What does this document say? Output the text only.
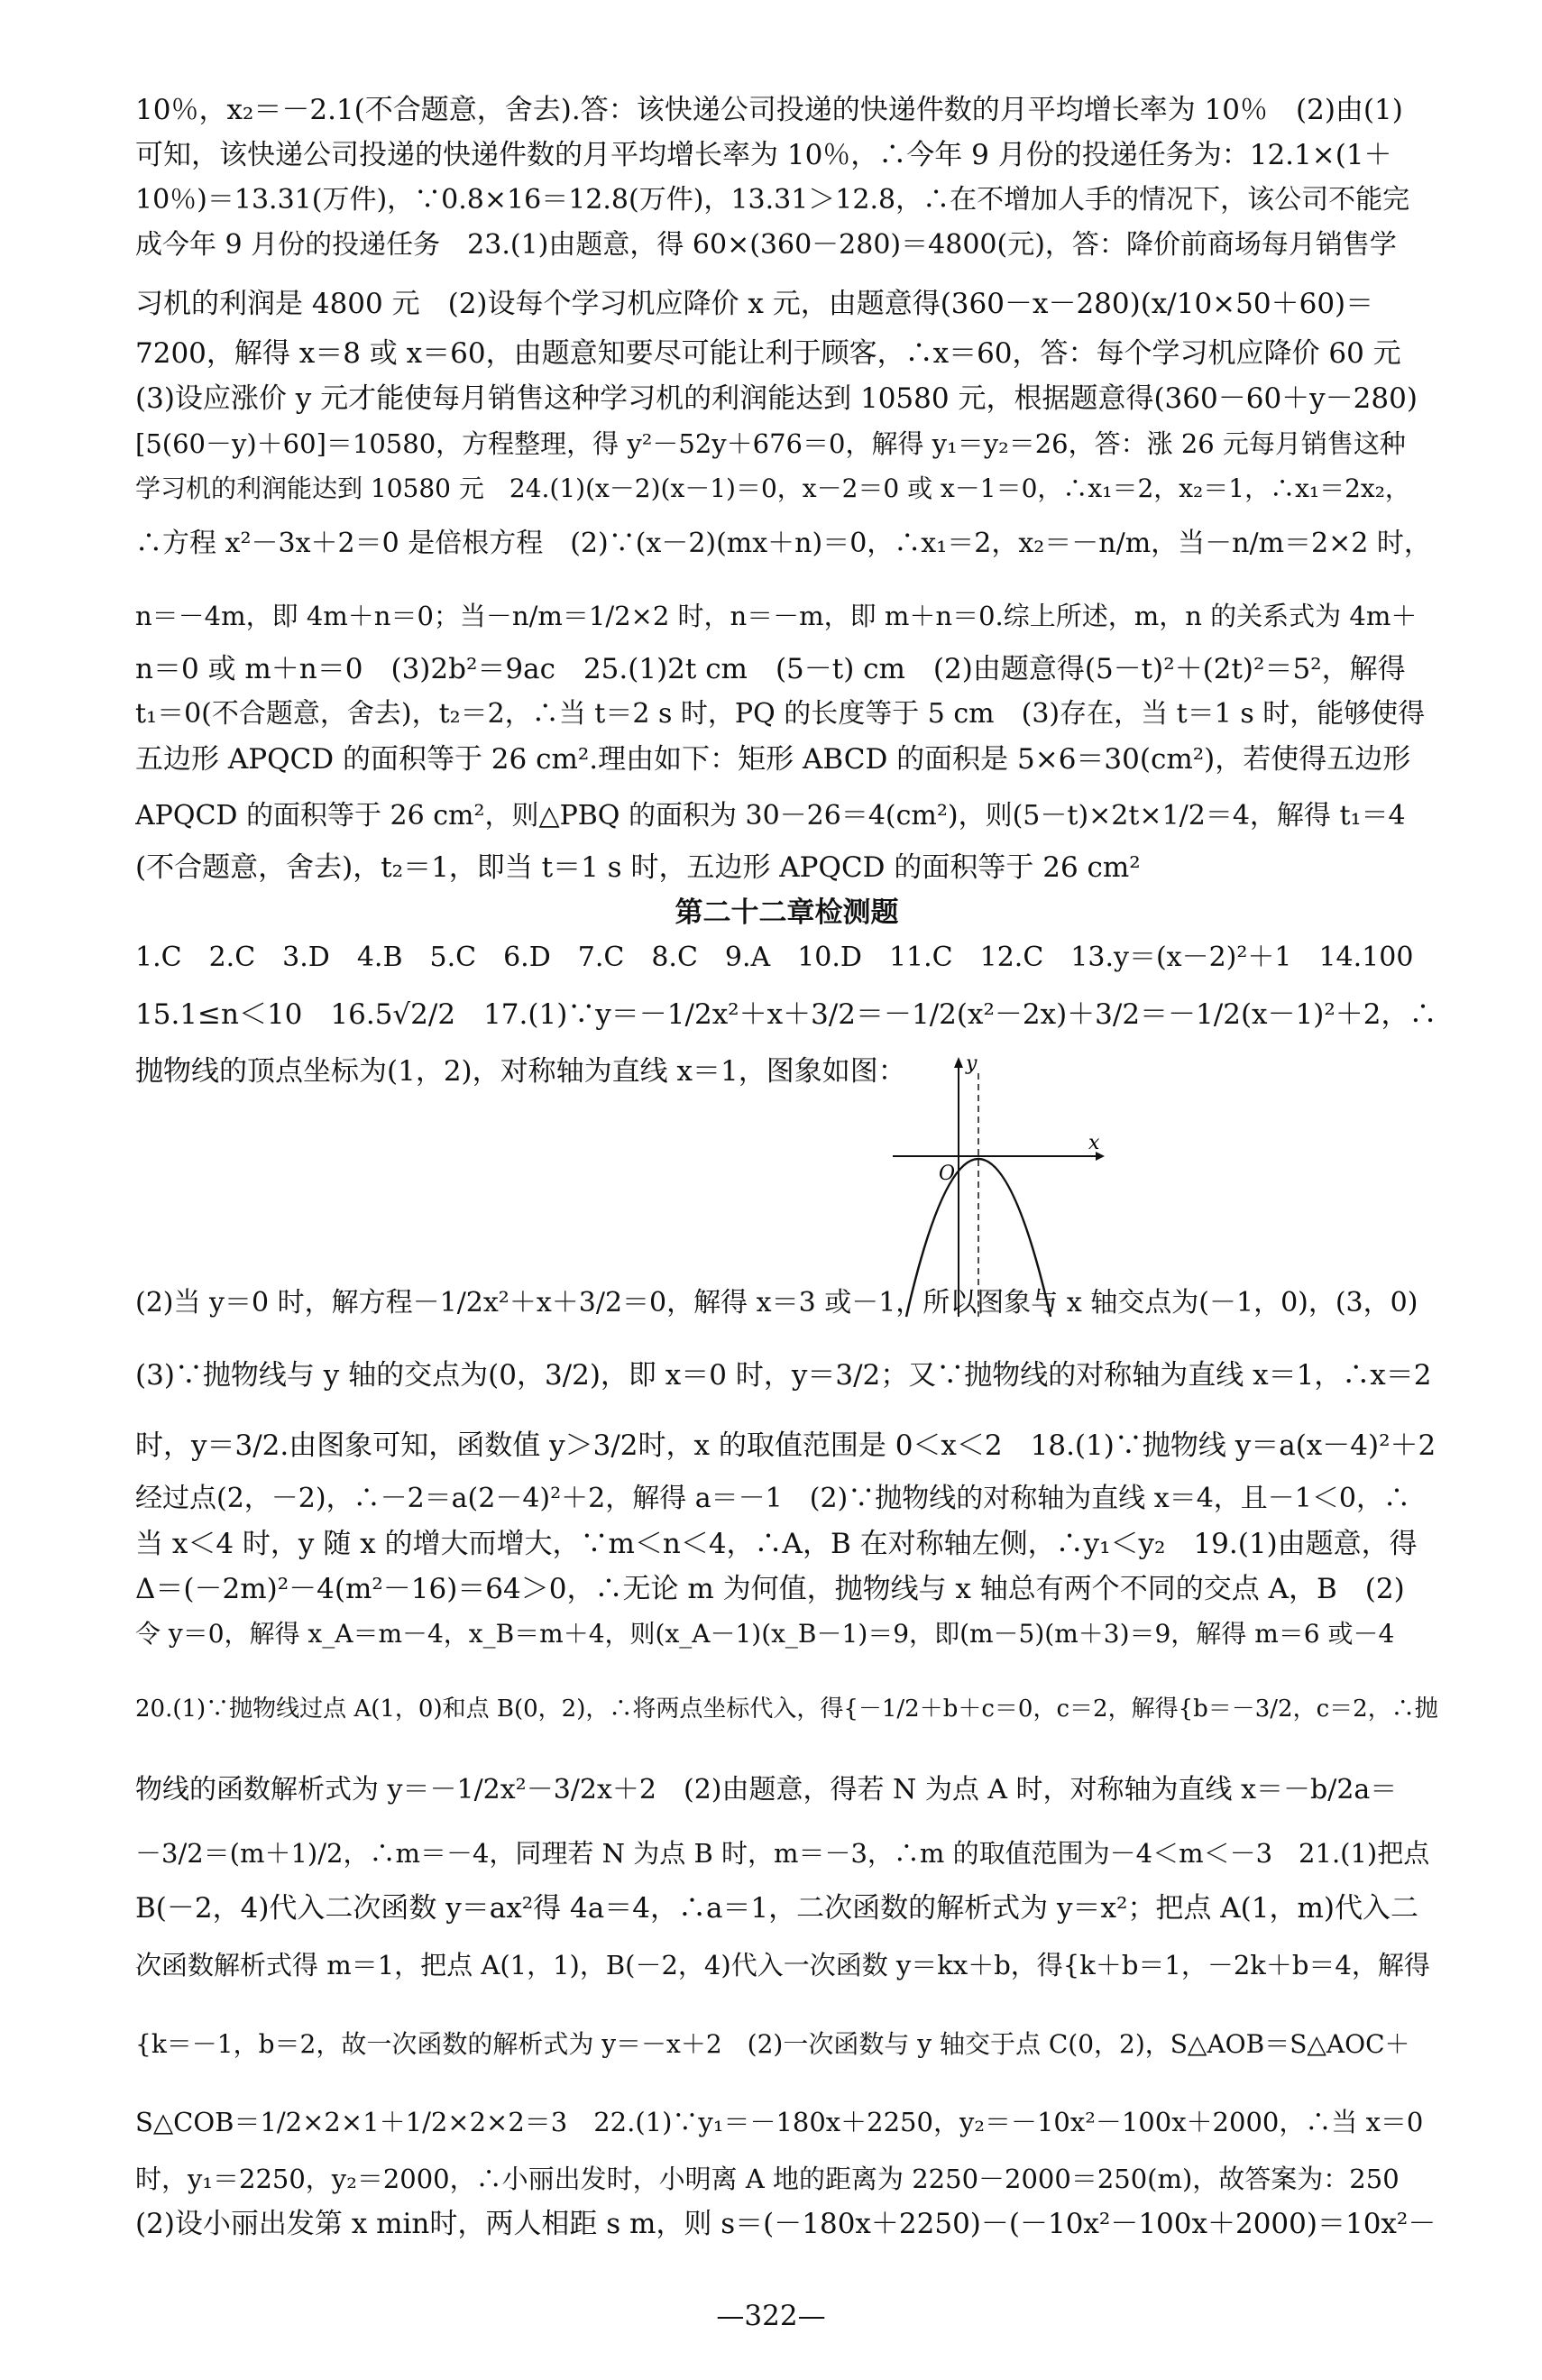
10％，x₂＝－2.1(不合题意，舍去).答：该快递公司投递的快递件数的月平均增长率为 10％　(2)由(1)
可知，该快递公司投递的快递件数的月平均增长率为 10％，∴今年 9 月份的投递任务为：12.1×(1＋
10％)＝13.31(万件)，∵0.8×16＝12.8(万件)，13.31＞12.8，∴在不增加人手的情况下，该公司不能完
成今年 9 月份的投递任务　23.(1)由题意，得 60×(360－280)＝4800(元)，答：降价前商场每月销售学
习机的利润是 4800 元　(2)设每个学习机应降价 x 元，由题意得(360－x－280)(x/10×50＋60)＝
7200，解得 x＝8 或 x＝60，由题意知要尽可能让利于顾客，∴x＝60，答：每个学习机应降价 60 元
(3)设应涨价 y 元才能使每月销售这种学习机的利润能达到 10580 元，根据题意得(360－60＋y－280)
[5(60－y)＋60]＝10580，方程整理，得 y²－52y＋676＝0，解得 y₁＝y₂＝26，答：涨 26 元每月销售这种
学习机的利润能达到 10580 元　24.(1)(x－2)(x－1)＝0，x－2＝0 或 x－1＝0，∴x₁＝2，x₂＝1，∴x₁＝2x₂，
∴方程 x²－3x＋2＝0 是倍根方程　(2)∵(x－2)(mx＋n)＝0，∴x₁＝2，x₂＝－n/m，当－n/m＝2×2 时，
n＝－4m，即 4m＋n＝0；当－n/m＝1/2×2 时，n＝－m，即 m＋n＝0.综上所述，m，n 的关系式为 4m＋
n＝0 或 m＋n＝0　(3)2b²＝9ac　25.(1)2t cm　(5－t) cm　(2)由题意得(5－t)²＋(2t)²＝5²，解得
t₁＝0(不合题意，舍去)，t₂＝2，∴当 t＝2 s 时，PQ 的长度等于 5 cm　(3)存在，当 t＝1 s 时，能够使得
五边形 APQCD 的面积等于 26 cm².理由如下：矩形 ABCD 的面积是 5×6＝30(cm²)，若使得五边形
APQCD 的面积等于 26 cm²，则△PBQ 的面积为 30－26＝4(cm²)，则(5－t)×2t×1/2＝4，解得 t₁＝4
(不合题意，舍去)，t₂＝1，即当 t＝1 s 时，五边形 APQCD 的面积等于 26 cm²
第二十二章检测题
1.C　2.C　3.D　4.B　5.C　6.D　7.C　8.C　9.A　10.D　11.C　12.C　13.y＝(x－2)²＋1　14.100
15.1≤n＜10　16.5√2/2　17.(1)∵y＝－1/2x²＋x＋3/2＝－1/2(x²－2x)＋3/2＝－1/2(x－1)²＋2，∴
抛物线的顶点坐标为(1，2)，对称轴为直线 x＝1，图象如图：	y
x
O
(2)当 y＝0 时，解方程－1/2x²＋x＋3/2＝0，解得 x＝3 或－1，所以图象与 x 轴交点为(－1，0)，(3，0)
(3)∵抛物线与 y 轴的交点为(0，3/2)，即 x＝0 时，y＝3/2；又∵抛物线的对称轴为直线 x＝1，∴x＝2
时，y＝3/2.由图象可知，函数值 y＞3/2时，x 的取值范围是 0＜x＜2　18.(1)∵抛物线 y＝a(x－4)²＋2
经过点(2，－2)，∴－2＝a(2－4)²＋2，解得 a＝－1　(2)∵抛物线的对称轴为直线 x＝4，且－1＜0，∴
当 x＜4 时，y 随 x 的增大而增大，∵m＜n＜4，∴A，B 在对称轴左侧，∴y₁＜y₂　19.(1)由题意，得
Δ＝(－2m)²－4(m²－16)＝64＞0，∴无论 m 为何值，抛物线与 x 轴总有两个不同的交点 A，B　(2)
令 y＝0，解得 x_A＝m－4，x_B＝m＋4，则(x_A－1)(x_B－1)＝9，即(m－5)(m＋3)＝9，解得 m＝6 或－4
20.(1)∵抛物线过点 A(1，0)和点 B(0，2)，∴将两点坐标代入，得{－1/2＋b＋c＝0，c＝2，解得{b＝－3/2，c＝2，∴抛
物线的函数解析式为 y＝－1/2x²－3/2x＋2　(2)由题意，得若 N 为点 A 时，对称轴为直线 x＝－b/2a＝
－3/2＝(m＋1)/2，∴m＝－4，同理若 N 为点 B 时，m＝－3，∴m 的取值范围为－4＜m＜－3　21.(1)把点
B(－2，4)代入二次函数 y＝ax²得 4a＝4，∴a＝1，二次函数的解析式为 y＝x²；把点 A(1，m)代入二
次函数解析式得 m＝1，把点 A(1，1)，B(－2，4)代入一次函数 y＝kx＋b，得{k＋b＝1，－2k＋b＝4，解得
{k＝－1，b＝2，故一次函数的解析式为 y＝－x＋2　(2)一次函数与 y 轴交于点 C(0，2)，S△AOB＝S△AOC＋
S△COB＝1/2×2×1＋1/2×2×2＝3　22.(1)∵y₁＝－180x＋2250，y₂＝－10x²－100x＋2000，∴当 x＝0
时，y₁＝2250，y₂＝2000，∴小丽出发时，小明离 A 地的距离为 2250－2000＝250(m)，故答案为：250
(2)设小丽出发第 x min时，两人相距 s m，则 s＝(－180x＋2250)－(－10x²－100x＋2000)＝10x²－
—322—
